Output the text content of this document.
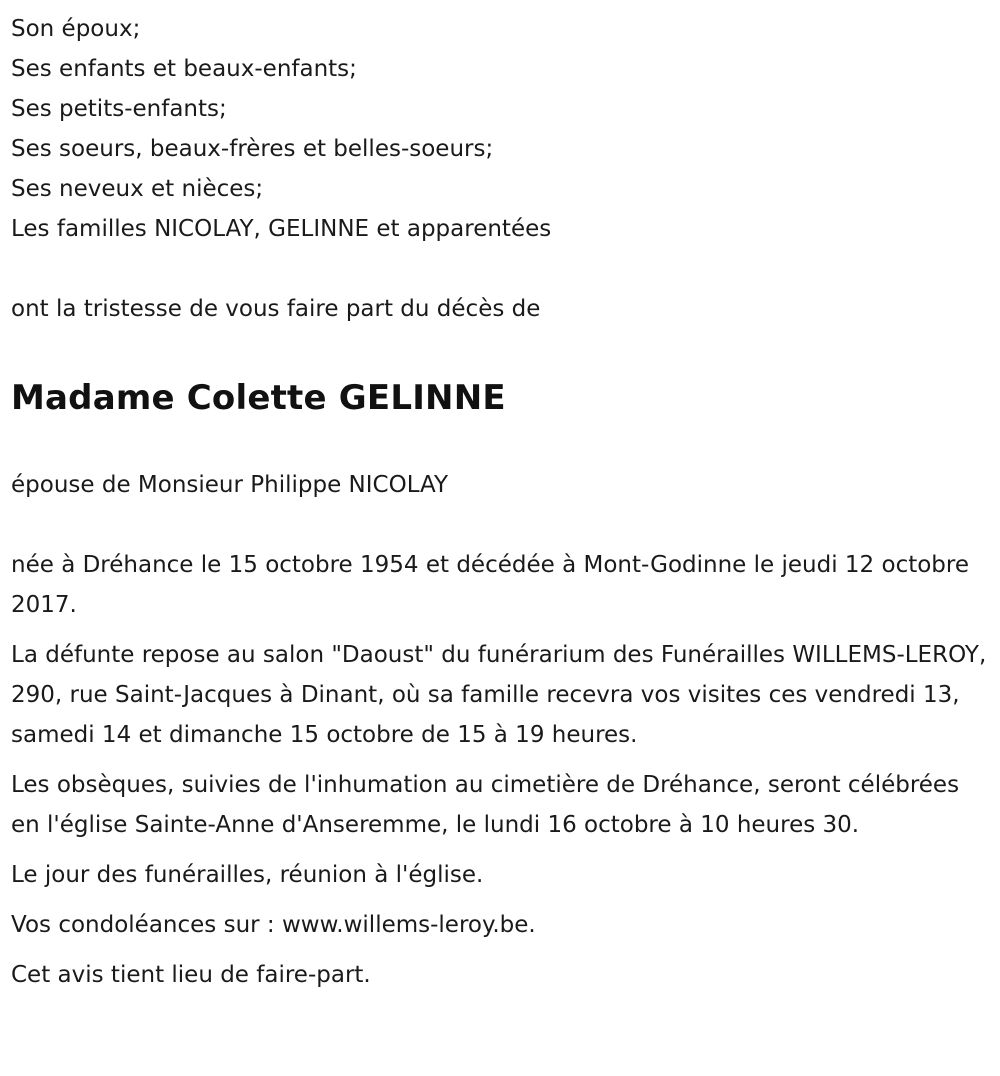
Son époux;
Ses enfants et beaux-enfants;
Ses petits-enfants;
Ses soeurs, beaux-frères et belles-soeurs;
Ses neveux et nièces;
Les familles NICOLAY, GELINNE et apparentées

ont la tristesse de vous faire part du décès de

Madame Colette GELINNE

épouse de Monsieur Philippe NICOLAY

née à Dréhance le 15 octobre 1954 et décédée à Mont-Godinne le jeudi 12 octobre 2017.

La défunte repose au salon "Daoust" du funérarium des Funérailles WILLEMS-LEROY, 290, rue Saint-Jacques à Dinant, où sa famille recevra vos visites ces vendredi 13, samedi 14 et dimanche 15 octobre de 15 à 19 heures.

Les obsèques, suivies de l'inhumation au cimetière de Dréhance, seront célébrées en l'église Sainte-Anne d'Anseremme, le lundi 16 octobre à 10 heures 30.

Le jour des funérailles, réunion à l'église.

Vos condoléances sur : www.willems-leroy.be.

Cet avis tient lieu de faire-part.
